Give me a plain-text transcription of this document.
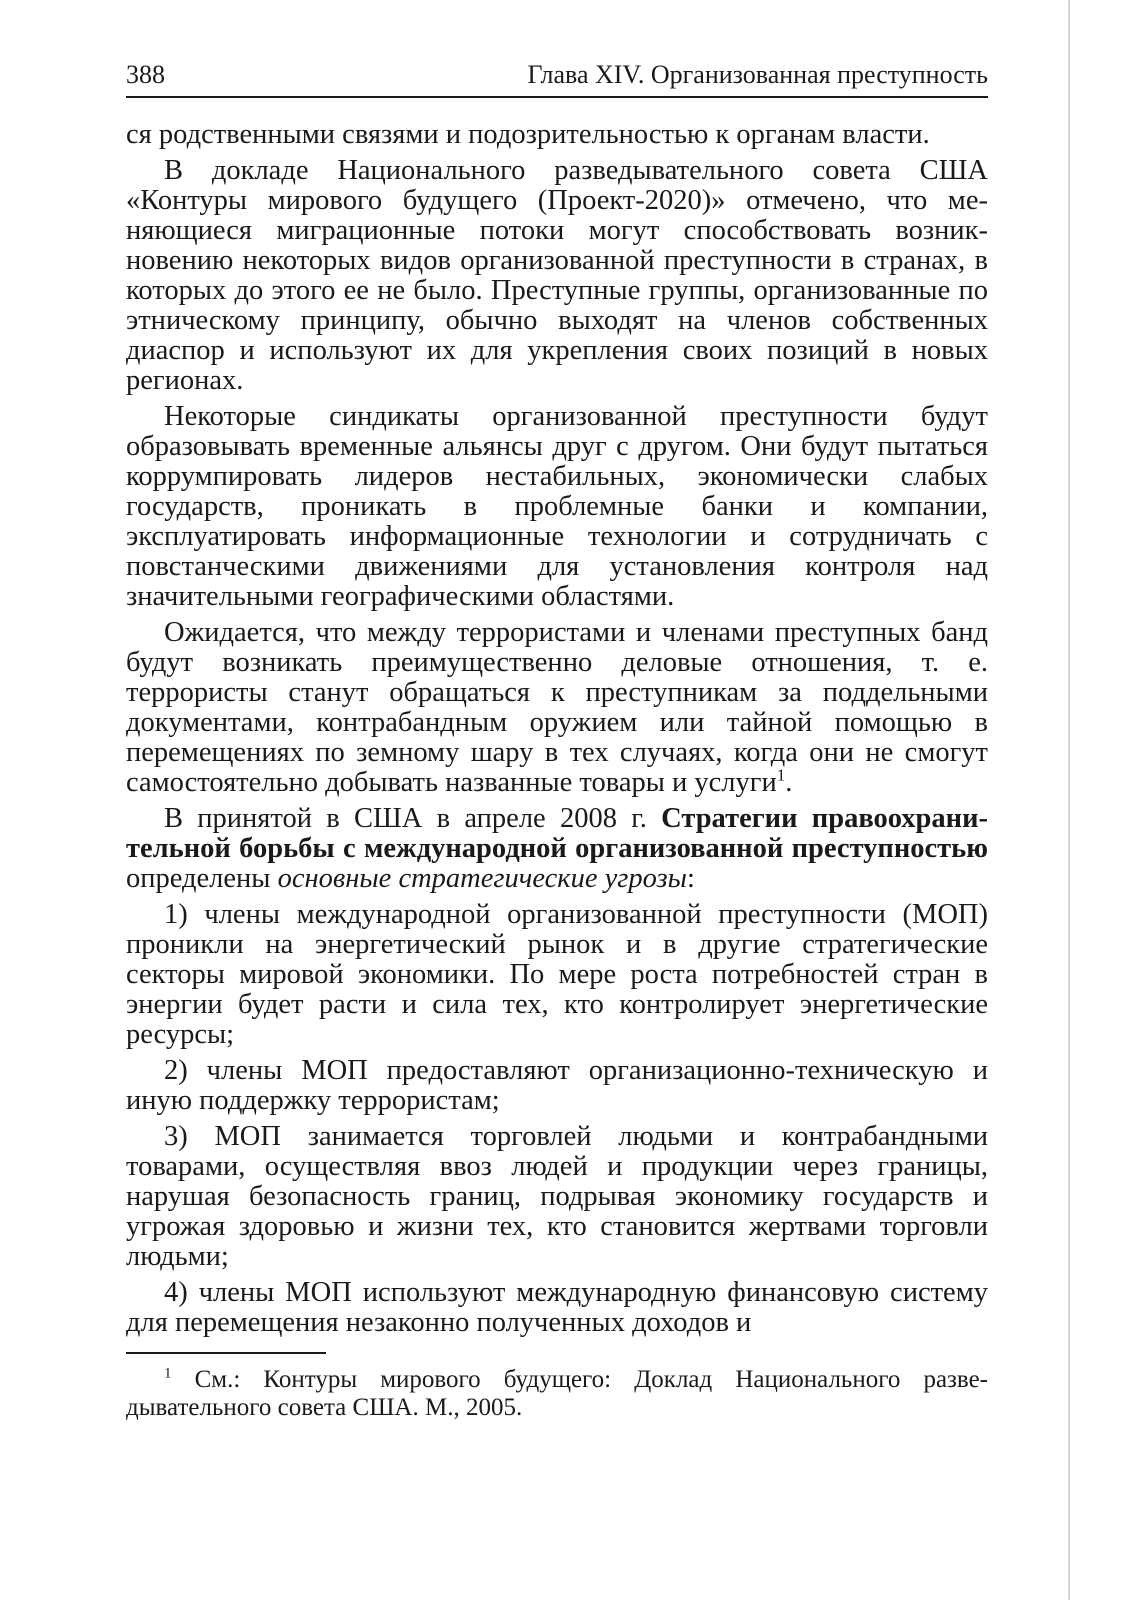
388	Глава XIV. Организованная преступность

ся родственными связями и подозрительностью к органам власти.

В докладе Национального разведывательного совета США «Контуры мирового будущего (Проект-2020)» отмечено, что меняющиеся миграционные потоки могут способствовать возникновению некоторых видов организованной преступности в странах, в которых до этого ее не было. Преступные группы, организованные по этническому принципу, обычно выходят на членов собственных диаспор и используют их для укрепления своих позиций в новых регионах.

Некоторые синдикаты организованной преступности будут образовывать временные альянсы друг с другом. Они будут пытаться коррумпировать лидеров нестабильных, экономически слабых государств, проникать в проблемные банки и компании, эксплуатировать информационные технологии и сотрудничать с повстанческими движениями для установления контроля над значительными географическими областями.

Ожидается, что между террористами и членами преступных банд будут возникать преимущественно деловые отношения, т. е. террористы станут обращаться к преступникам за поддельными документами, контрабандным оружием или тайной помощью в перемещениях по земному шару в тех случаях, когда они не смогут самостоятельно добывать названные товары и услуги$^1$.

В принятой в США в апреле 2008 г. Стратегии правоохранительной борьбы с международной организованной преступностью определены основные стратегические угрозы:

1) члены международной организованной преступности (МОП) проникли на энергетический рынок и в другие стратегические секторы мировой экономики. По мере роста потребностей стран в энергии будет расти и сила тех, кто контролирует энергетические ресурсы;

2) члены МОП предоставляют организационно-техническую и иную поддержку террористам;

3) МОП занимается торговлей людьми и контрабандными товарами, осуществляя ввоз людей и продукции через границы, нарушая безопасность границ, подрывая экономику государств и угрожая здоровью и жизни тех, кто становится жертвами торговли людьми;

4) члены МОП используют международную финансовую систему для перемещения незаконно полученных доходов и

$^1$ См.: Контуры мирового будущего: Доклад Национального разведывательного совета США. М., 2005.
